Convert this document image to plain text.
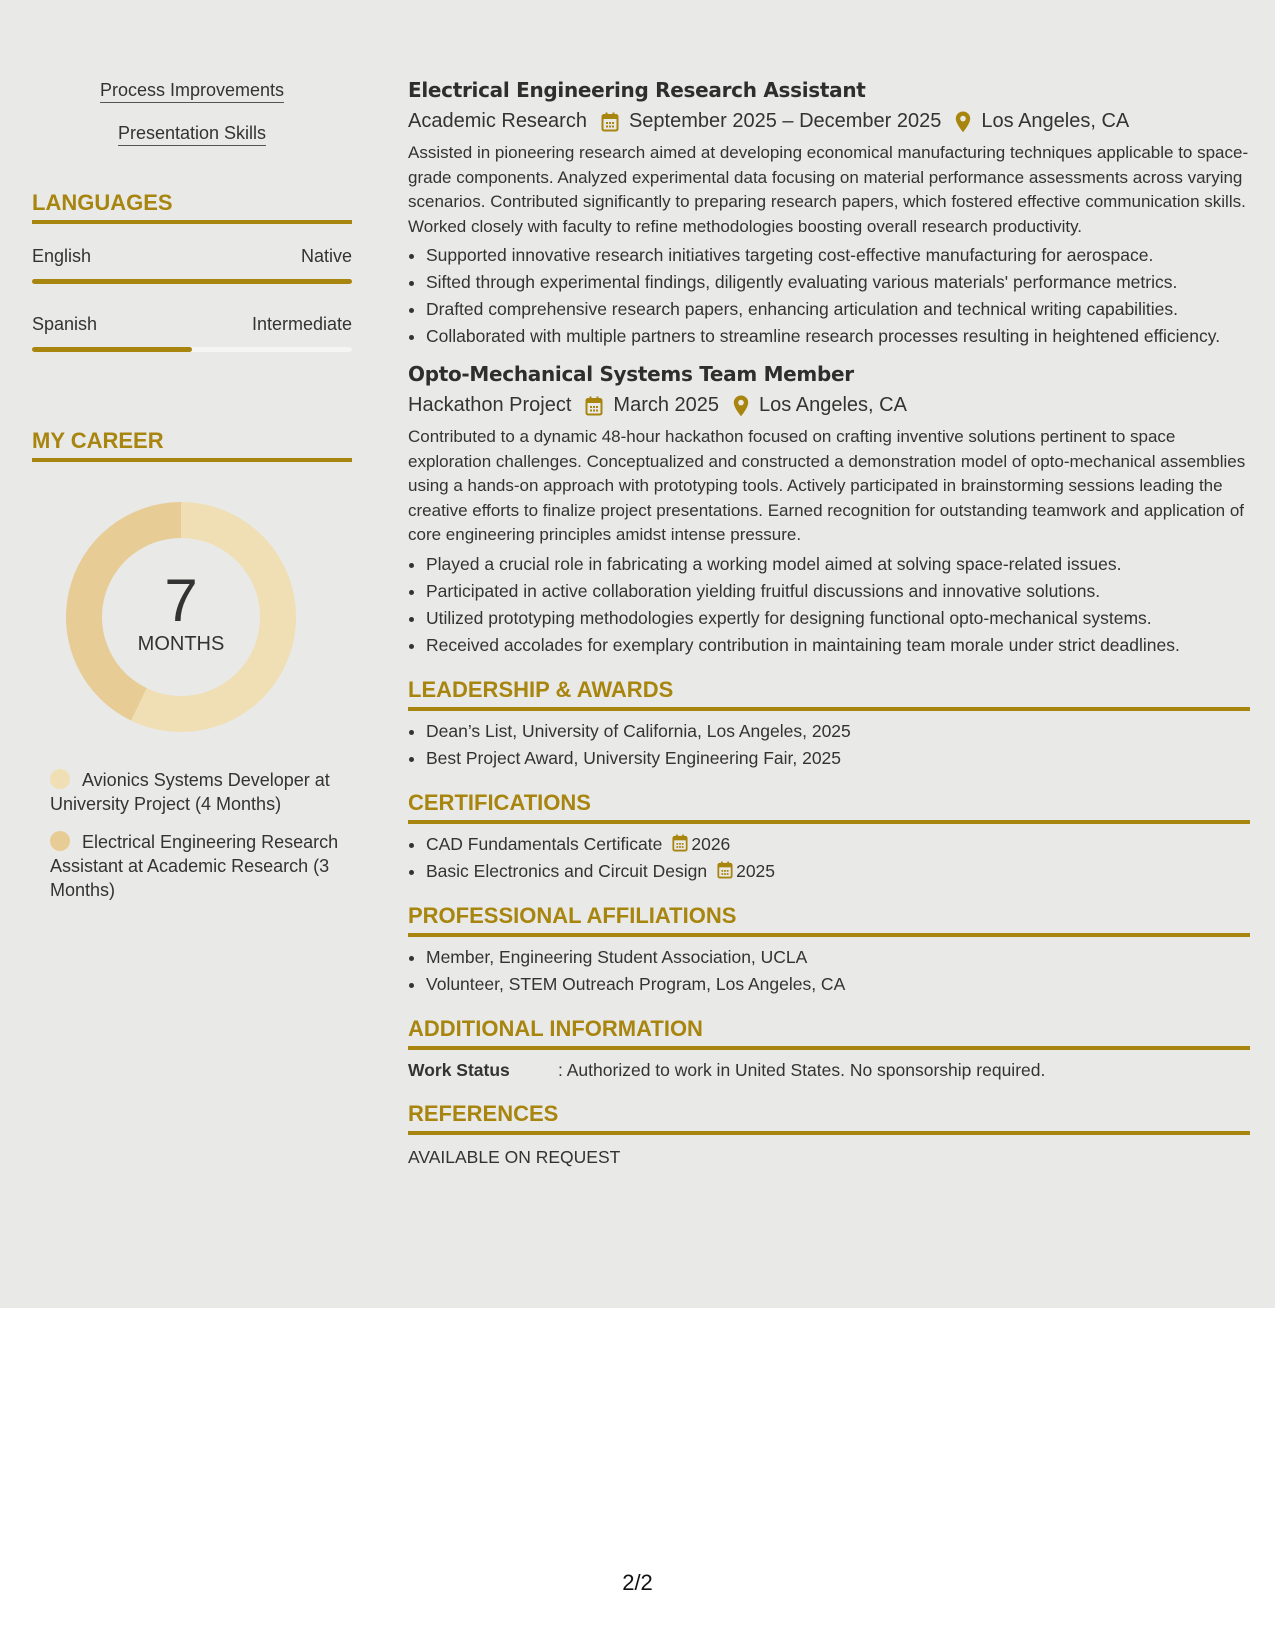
Process Improvements
Presentation Skills
LANGUAGES
English	Native
Spanish	Intermediate
MY CAREER
7
MONTHS
Avionics Systems Developer at University Project (4 Months)
Electrical Engineering Research Assistant at Academic Research (3 Months)
Electrical Engineering Research Assistant
Academic Research September 2025 – December 2025 Los Angeles, CA
Assisted in pioneering research aimed at developing economical manufacturing techniques applicable to space-grade components. Analyzed experimental data focusing on material performance assessments across varying scenarios. Contributed significantly to preparing research papers, which fostered effective communication skills. Worked closely with faculty to refine methodologies boosting overall research productivity.
• Supported innovative research initiatives targeting cost-effective manufacturing for aerospace.
• Sifted through experimental findings, diligently evaluating various materials' performance metrics.
• Drafted comprehensive research papers, enhancing articulation and technical writing capabilities.
• Collaborated with multiple partners to streamline research processes resulting in heightened efficiency.
Opto-Mechanical Systems Team Member
Hackathon Project March 2025 Los Angeles, CA
Contributed to a dynamic 48-hour hackathon focused on crafting inventive solutions pertinent to space exploration challenges. Conceptualized and constructed a demonstration model of opto-mechanical assemblies using a hands-on approach with prototyping tools. Actively participated in brainstorming sessions leading the creative efforts to finalize project presentations. Earned recognition for outstanding teamwork and application of core engineering principles amidst intense pressure.
• Played a crucial role in fabricating a working model aimed at solving space-related issues.
• Participated in active collaboration yielding fruitful discussions and innovative solutions.
• Utilized prototyping methodologies expertly for designing functional opto-mechanical systems.
• Received accolades for exemplary contribution in maintaining team morale under strict deadlines.
LEADERSHIP & AWARDS
• Dean’s List, University of California, Los Angeles, 2025
• Best Project Award, University Engineering Fair, 2025
CERTIFICATIONS
• CAD Fundamentals Certificate 2026
• Basic Electronics and Circuit Design 2025
PROFESSIONAL AFFILIATIONS
• Member, Engineering Student Association, UCLA
• Volunteer, STEM Outreach Program, Los Angeles, CA
ADDITIONAL INFORMATION
Work Status	: Authorized to work in United States. No sponsorship required.
REFERENCES
AVAILABLE ON REQUEST
2/2
